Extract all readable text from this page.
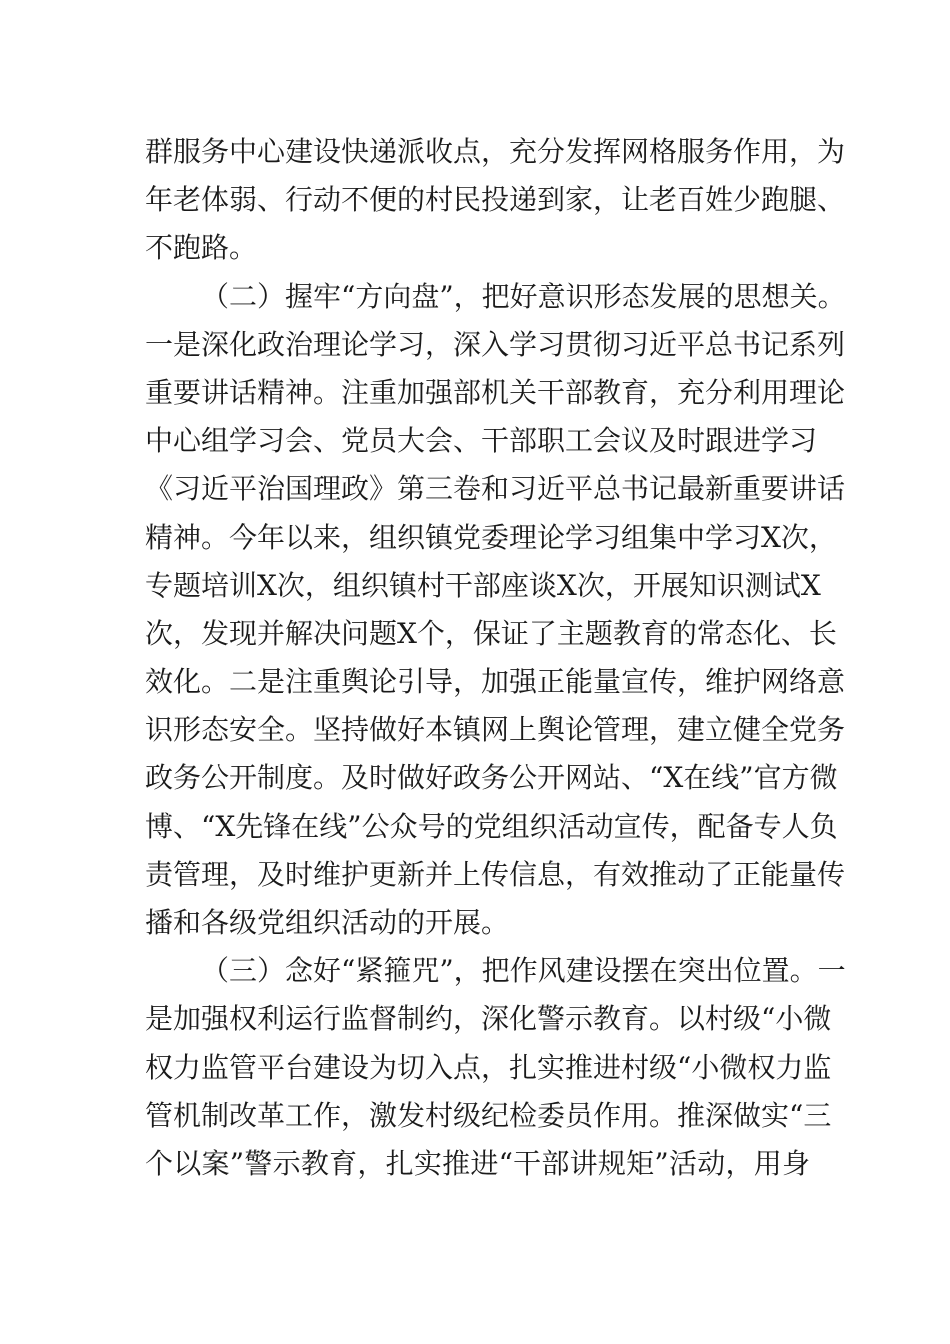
群服务中心建设快递派收点，充分发挥网格服务作用，为
年老体弱、行动不便的村民投递到家，让老百姓少跑腿、
不跑路。
（二）握牢“方向盘”，把好意识形态发展的思想关。
一是深化政治理论学习，深入学习贯彻习近平总书记系列
重要讲话精神。注重加强部机关干部教育，充分利用理论
中心组学习会、党员大会、干部职工会议及时跟进学习
《习近平治国理政》第三卷和习近平总书记最新重要讲话
精神。今年以来，组织镇党委理论学习组集中学习X次，
专题培训X次，组织镇村干部座谈X次，开展知识测试X
次，发现并解决问题X个，保证了主题教育的常态化、长
效化。二是注重舆论引导，加强正能量宣传，维护网络意
识形态安全。坚持做好本镇网上舆论管理，建立健全党务
政务公开制度。及时做好政务公开网站、“X在线”官方微
博、“X先锋在线”公众号的党组织活动宣传，配备专人负
责管理，及时维护更新并上传信息，有效推动了正能量传
播和各级党组织活动的开展。
（三）念好“紧箍咒”，把作风建设摆在突出位置。一
是加强权利运行监督制约，深化警示教育。以村级“小微
权力监管平台建设为切入点，扎实推进村级“小微权力监
管机制改革工作，激发村级纪检委员作用。推深做实“三
个以案”警示教育，扎实推进“干部讲规矩”活动，用身
